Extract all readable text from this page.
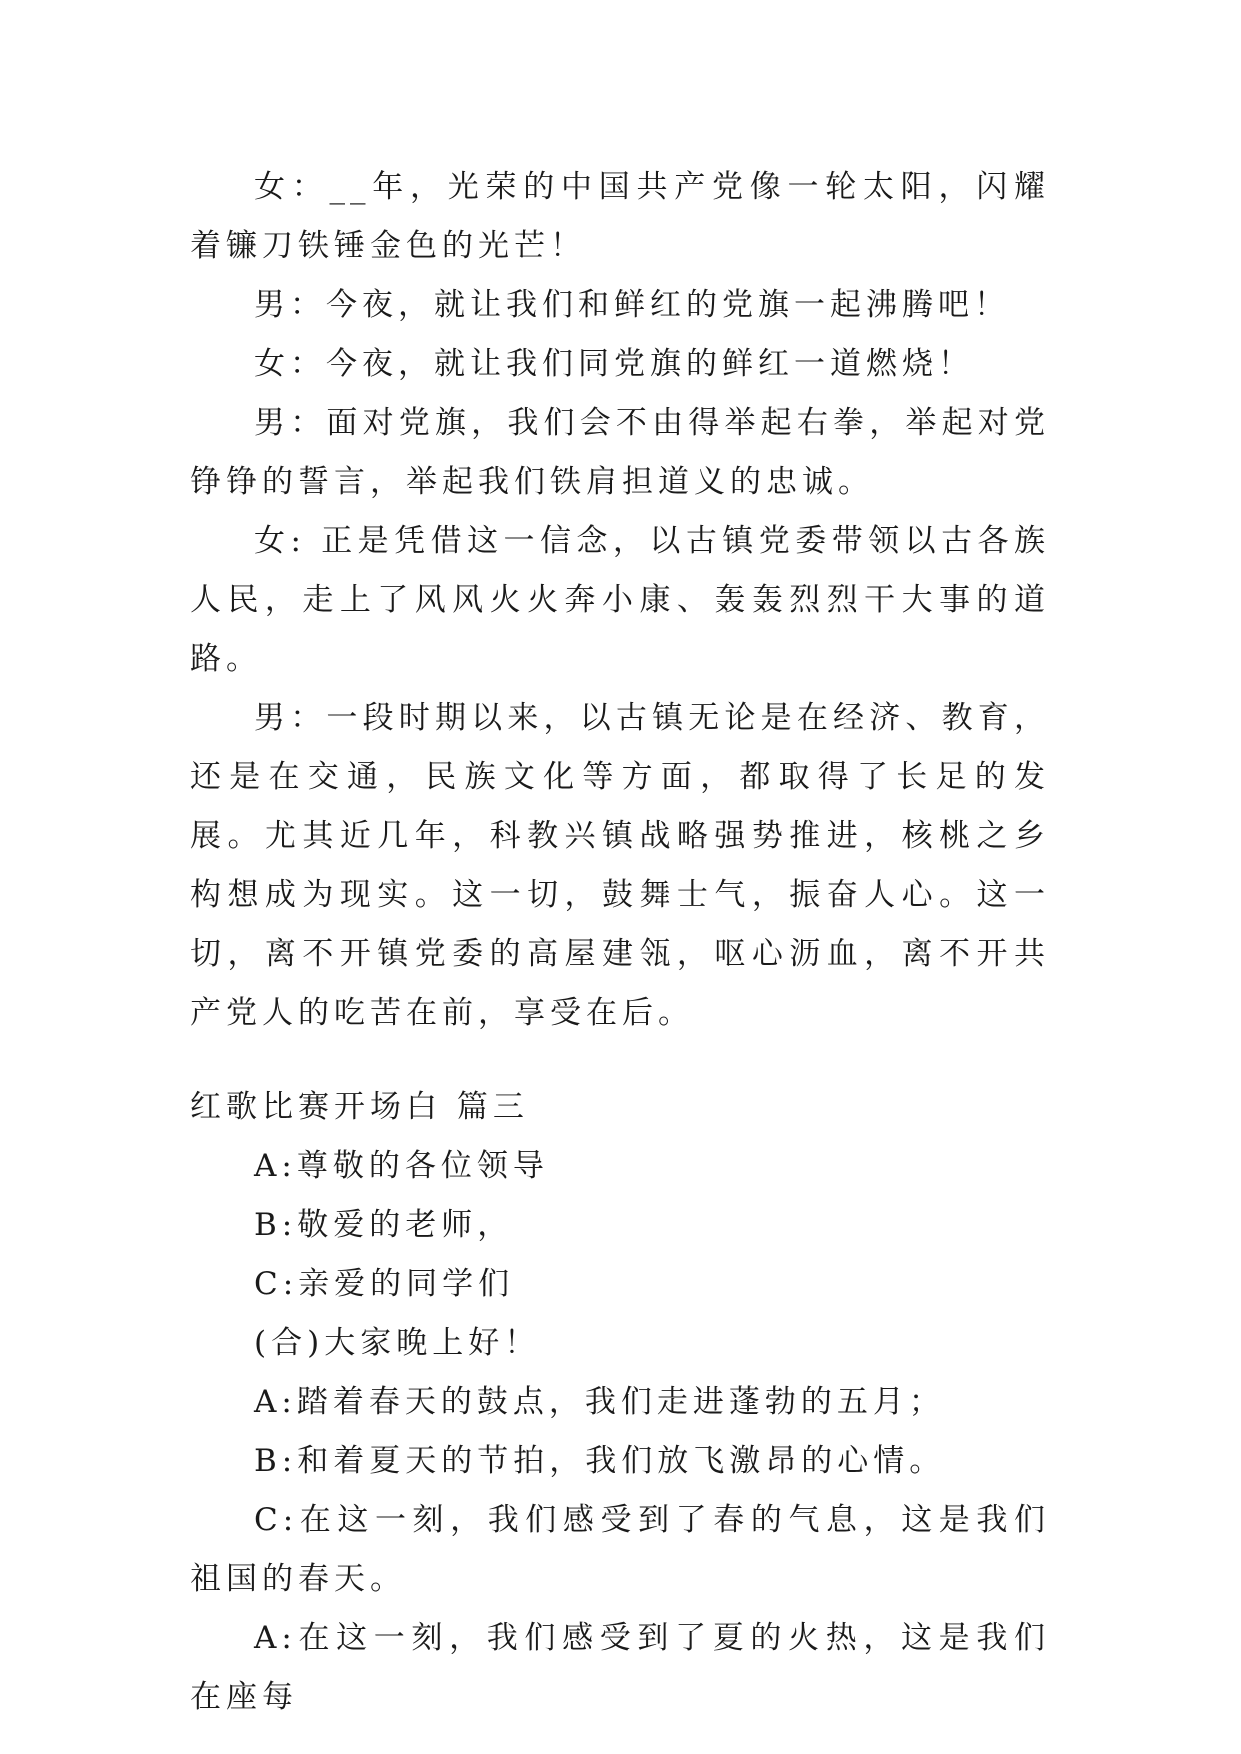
女：__年，光荣的中国共产党像一轮太阳，闪耀着镰刀铁锤金色的光芒！

男：今夜，就让我们和鲜红的党旗一起沸腾吧！

女：今夜，就让我们同党旗的鲜红一道燃烧！

男：面对党旗，我们会不由得举起右拳，举起对党铮铮的誓言，举起我们铁肩担道义的忠诚。

女: 正是凭借这一信念，以古镇党委带领以古各族人民，走上了风风火火奔小康、轰轰烈烈干大事的道路。

男：一段时期以来，以古镇无论是在经济、教育，还是在交通，民族文化等方面，都取得了长足的发展。尤其近几年，科教兴镇战略强势推进，核桃之乡构想成为现实。这一切，鼓舞士气，振奋人心。这一切，离不开镇党委的高屋建瓴，呕心沥血，离不开共产党人的吃苦在前，享受在后。

红歌比赛开场白 篇三

A:尊敬的各位领导

B:敬爱的老师，

C:亲爱的同学们

(合)大家晚上好！

A:踏着春天的鼓点，我们走进蓬勃的五月；

B:和着夏天的节拍，我们放飞激昂的心情。

C:在这一刻，我们感受到了春的气息，这是我们祖国的春天。

A:在这一刻，我们感受到了夏的火热，这是我们在座每
